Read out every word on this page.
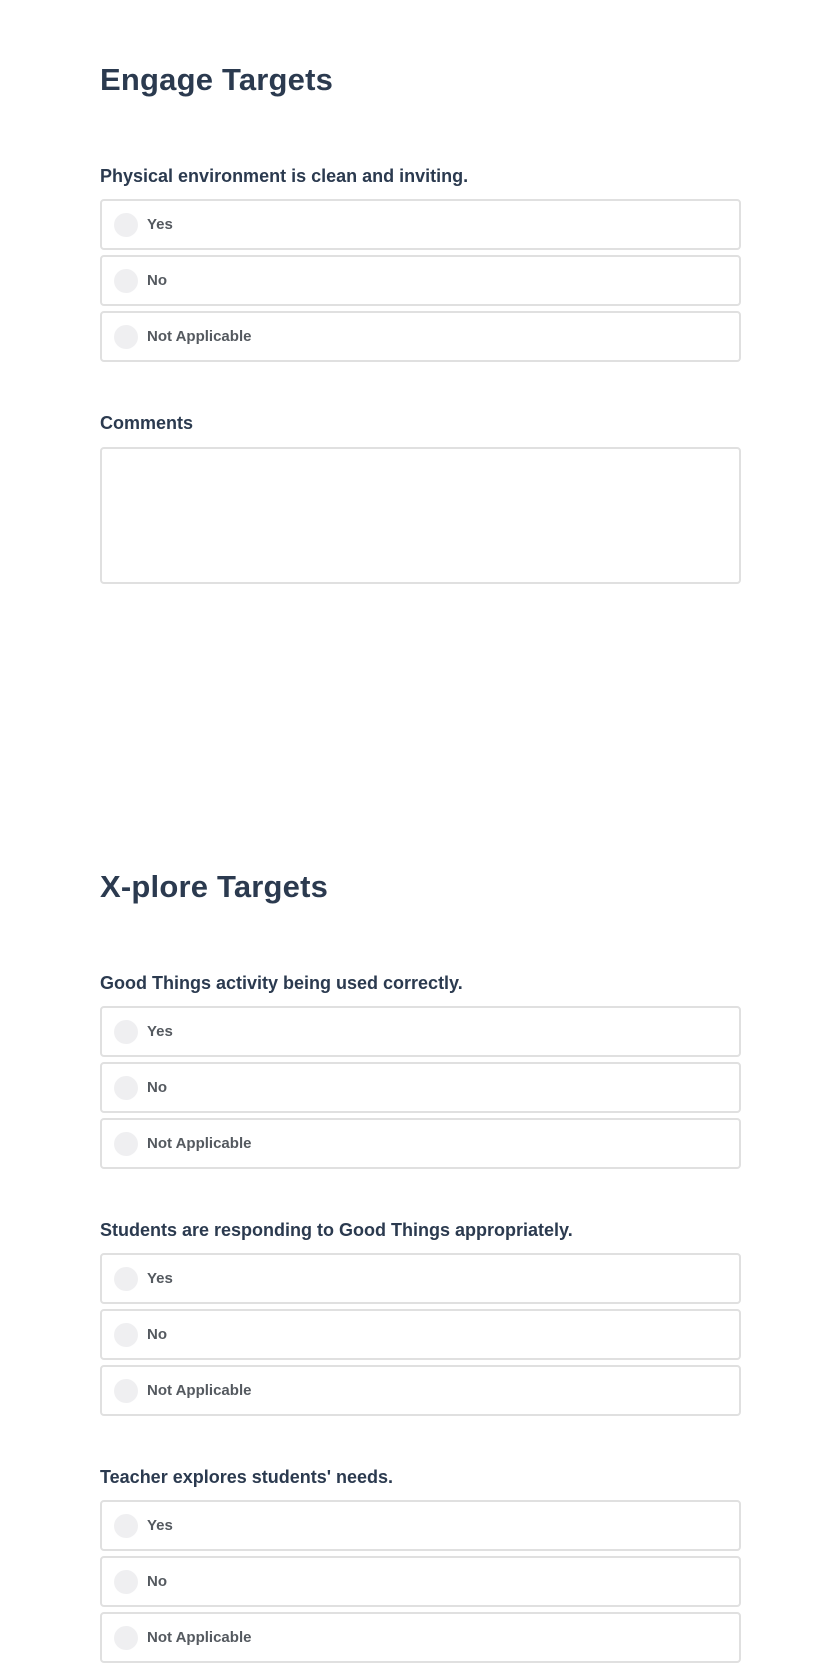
Engage Targets
Physical environment is clean and inviting.
Yes
No
Not Applicable
Comments
X-plore Targets
Good Things activity being used correctly.
Yes
No
Not Applicable
Students are responding to Good Things appropriately.
Yes
No
Not Applicable
Teacher explores students' needs.
Yes
No
Not Applicable
